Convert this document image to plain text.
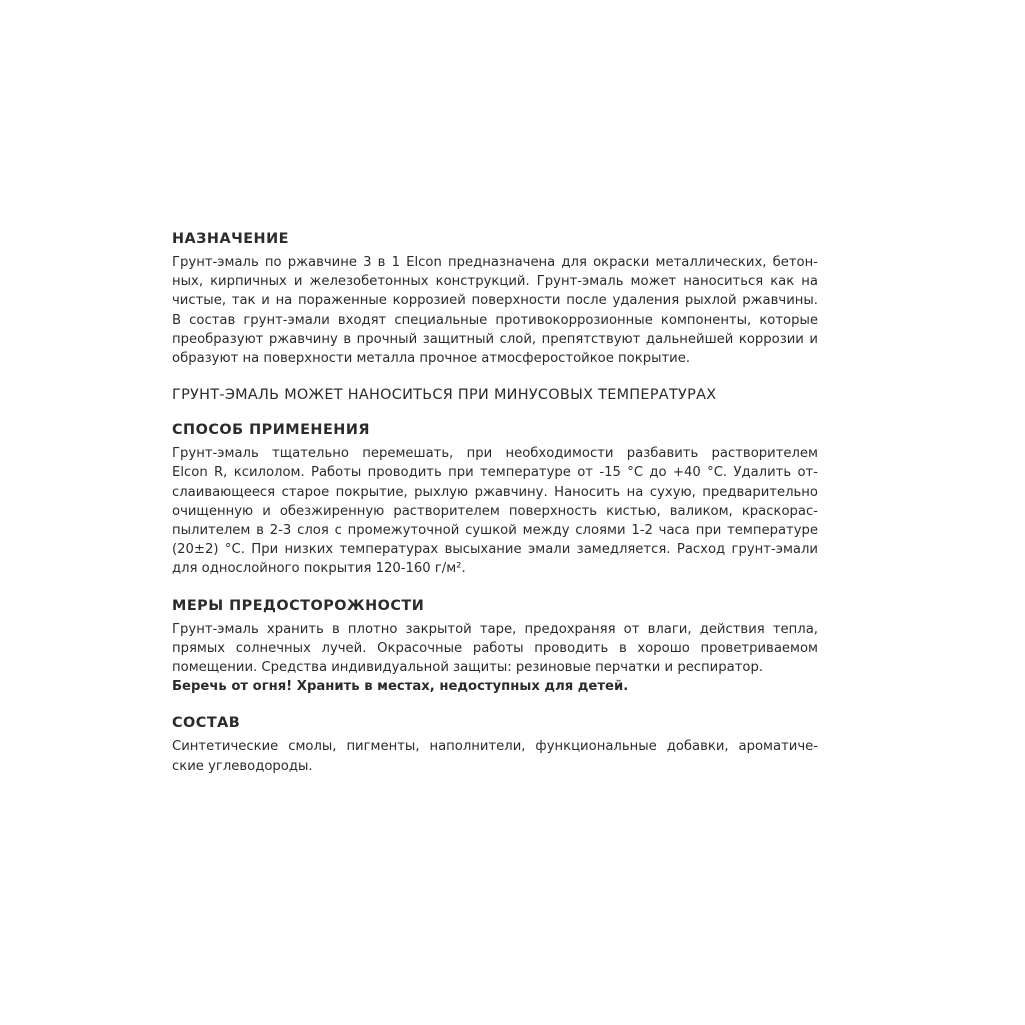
НАЗНАЧЕНИЕ
Грунт-эмаль по ржавчине 3 в 1 Elcon предназначена для окраски металлических, бетон-
ных, кирпичных и железобетонных конструкций. Грунт-эмаль может наноситься как на
чистые, так и на пораженные коррозией поверхности после удаления рыхлой ржавчины.
В состав грунт-эмали входят специальные противокоррозионные компоненты, которые
преобразуют ржавчину в прочный защитный слой, препятствуют дальнейшей коррозии и
образуют на поверхности металла прочное атмосферостойкое покрытие.
ГРУНТ-ЭМАЛЬ МОЖЕТ НАНОСИТЬСЯ ПРИ МИНУСОВЫХ ТЕМПЕРАТУРАХ
СПОСОБ ПРИМЕНЕНИЯ
Грунт-эмаль тщательно перемешать, при необходимости разбавить растворителем
Elcon R, ксилолом. Работы проводить при температуре от -15 °С до +40 °С. Удалить от-
слаивающееся старое покрытие, рыхлую ржавчину. Наносить на сухую, предварительно
очищенную и обезжиренную растворителем поверхность кистью, валиком, краскорас-
пылителем в 2-3 слоя с промежуточной сушкой между слоями 1-2 часа при температуре
(20±2) °С. При низких температурах высыхание эмали замедляется. Расход грунт-эмали
для однослойного покрытия 120-160 г/м².
МЕРЫ ПРЕДОСТОРОЖНОСТИ
Грунт-эмаль хранить в плотно закрытой таре, предохраняя от влаги, действия тепла,
прямых солнечных лучей. Окрасочные работы проводить в хорошо проветриваемом
помещении. Средства индивидуальной защиты: резиновые перчатки и респиратор.
Беречь от огня! Хранить в местах, недоступных для детей.
СОСТАВ
Синтетические смолы, пигменты, наполнители, функциональные добавки, ароматиче-
ские углеводороды.
